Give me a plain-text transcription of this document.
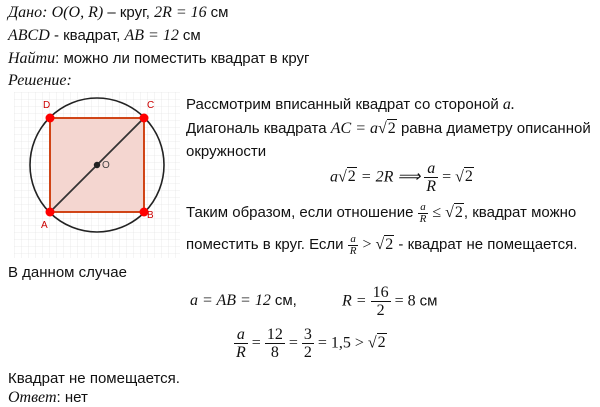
Дано: O(O, R) – круг, 2R = 16 см
ABCD - квадрат, AB = 12 см
Найти: можно ли поместить квадрат в круг
Решение:
D	C
A
B
O
Рассмотрим вписанный квадрат со стороной a.
Диагональ квадрата AC = a√2 равна диаметру описанной
окружности
a√2 = 2R ⟹ $\frac{a}{R} = √2$
Таким образом, если отношение $\frac{a}{R} \le √2$, квадрат можно
поместить в круг. Если $\frac{a}{R} > √2$ - квадрат не помещается.
В данном случае
a = AB = 12 см,	$R = \frac{16}{2} = 8$ см
$\frac{a}{R} = \frac{12}{8} = \frac{3}{2} = 1,5 > √2$
Квадрат не помещается.
Ответ: нет
